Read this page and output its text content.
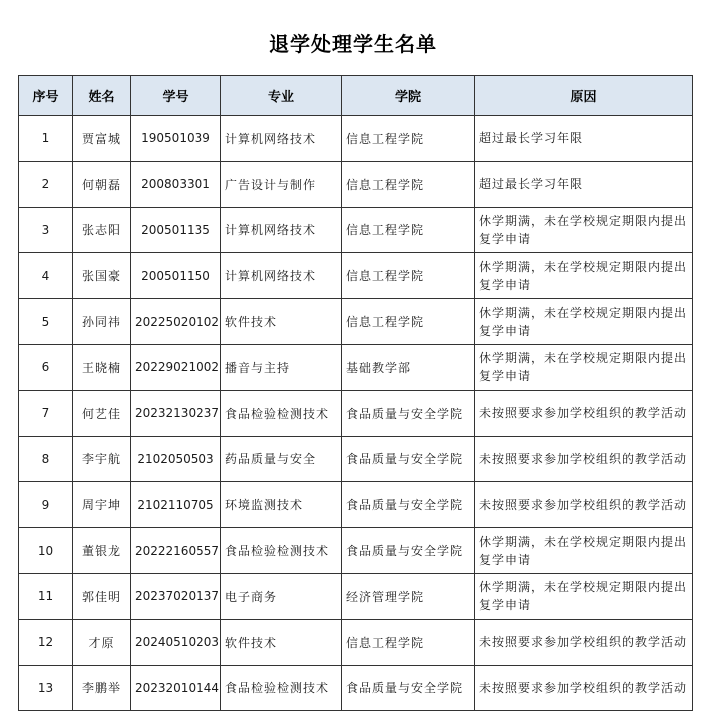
退学处理学生名单
序号	姓名	学号	专业	学院	原因
1	贾富城	190501039	计算机网络技术	信息工程学院	超过最长学习年限
2	何朝磊	200803301	广告设计与制作	信息工程学院	超过最长学习年限
3	张志阳	200501135	计算机网络技术	信息工程学院	休学期满，未在学校规定期限内提出复学申请
4	张国豪	200501150	计算机网络技术	信息工程学院	休学期满，未在学校规定期限内提出复学申请
5	孙同祎	20225020102	软件技术	信息工程学院	休学期满，未在学校规定期限内提出复学申请
6	王晓楠	20229021002	播音与主持	基础教学部	休学期满，未在学校规定期限内提出复学申请
7	何艺佳	20232130237	食品检验检测技术	食品质量与安全学院	未按照要求参加学校组织的教学活动
8	李宇航	2102050503	药品质量与安全	食品质量与安全学院	未按照要求参加学校组织的教学活动
9	周宇坤	2102110705	环境监测技术	食品质量与安全学院	未按照要求参加学校组织的教学活动
10	董银龙	20222160557	食品检验检测技术	食品质量与安全学院	休学期满，未在学校规定期限内提出复学申请
11	郭佳明	20237020137	电子商务	经济管理学院	休学期满，未在学校规定期限内提出复学申请
12	才原	20240510203	软件技术	信息工程学院	未按照要求参加学校组织的教学活动
13	李鹏举	20232010144	食品检验检测技术	食品质量与安全学院	未按照要求参加学校组织的教学活动
